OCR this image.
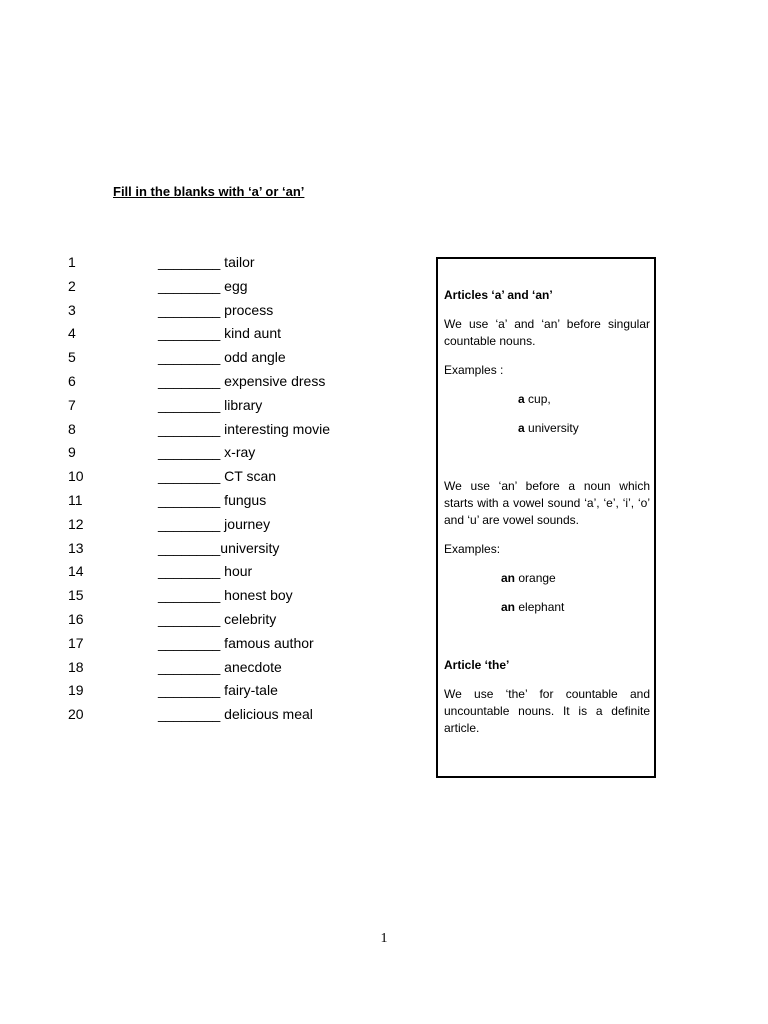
Fill in the blanks with ‘a’ or ‘an’
1	________ tailor
2	________ egg
3	________ process
4	________ kind aunt
5	________ odd angle
6	________ expensive dress
7	________ library
8	________ interesting movie
9	________ x-ray
10	________ CT scan
11	________ fungus
12	________ journey
13	________university
14	________ hour
15	________ honest boy
16	________ celebrity
17	________ famous author
18	________ anecdote
19	________ fairy-tale
20	________ delicious meal
Articles ‘a’ and ‘an’
We use ‘a’ and ‘an’ before singular countable nouns.
Examples :
a cup,
a university
We use ‘an’ before a noun which starts with a vowel sound ‘a’, ‘e’, ‘i’, ‘o’ and ‘u’ are vowel sounds.
Examples:
an orange
an elephant
Article ‘the’
We use ‘the’ for countable and uncountable nouns. It is a definite article.
1
